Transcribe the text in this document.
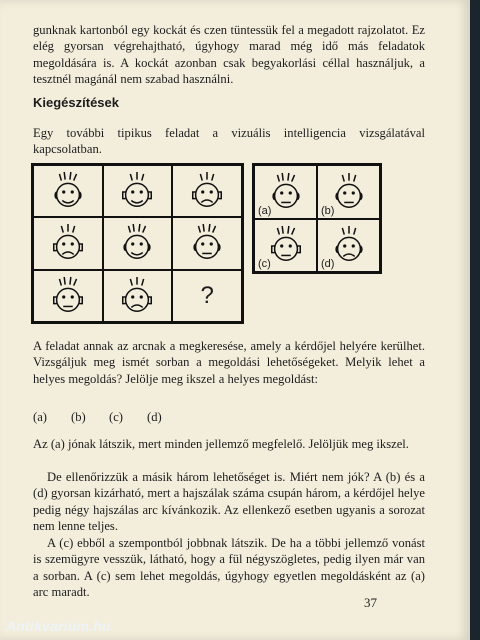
gunknak kartonból egy kockát és czen tüntessük fel a megadott rajzolatot. Ez elég gyorsan végrehajtható, úgyhogy marad még idő más feladatok megoldására is. A kockát azonban csak begyakorlási céllal használjuk, a tesztnél magánál nem szabad használni.

Kiegészítések

Egy további tipikus feladat a vizuális intelligencia vizsgálatával kapcsolatban.

?
(a)	(b)
(c)	(d)

A feladat annak az arcnak a megkeresése, amely a kérdőjel helyére kerülhet. Vizsgáljuk meg ismét sorban a megoldási lehetőségeket. Melyik lehet a helyes megoldás? Jelölje meg ikszel a helyes megoldást:

(a) (b) (c) (d)

Az (a) jónak látszik, mert minden jellemző megfelelő. Jelöljük meg ikszel.

De ellenőrizzük a másik három lehetőséget is. Miért nem jók? A (b) és a (d) gyorsan kizárható, mert a hajszálak száma csupán három, a kérdőjel helye pedig négy hajszálas arc kívánkozik. Az ellenkező esetben ugyanis a sorozat nem lenne teljes.

A (c) ebből a szempontból jobbnak látszik. De ha a többi jellemző vonást is szemügyre vesszük, látható, hogy a fül négyszögletes, pedig ilyen már van a sorban. A (c) sem lehet megoldás, úgyhogy egyetlen megoldásként az (a) arc maradt.

37
Antikvarium.hu
